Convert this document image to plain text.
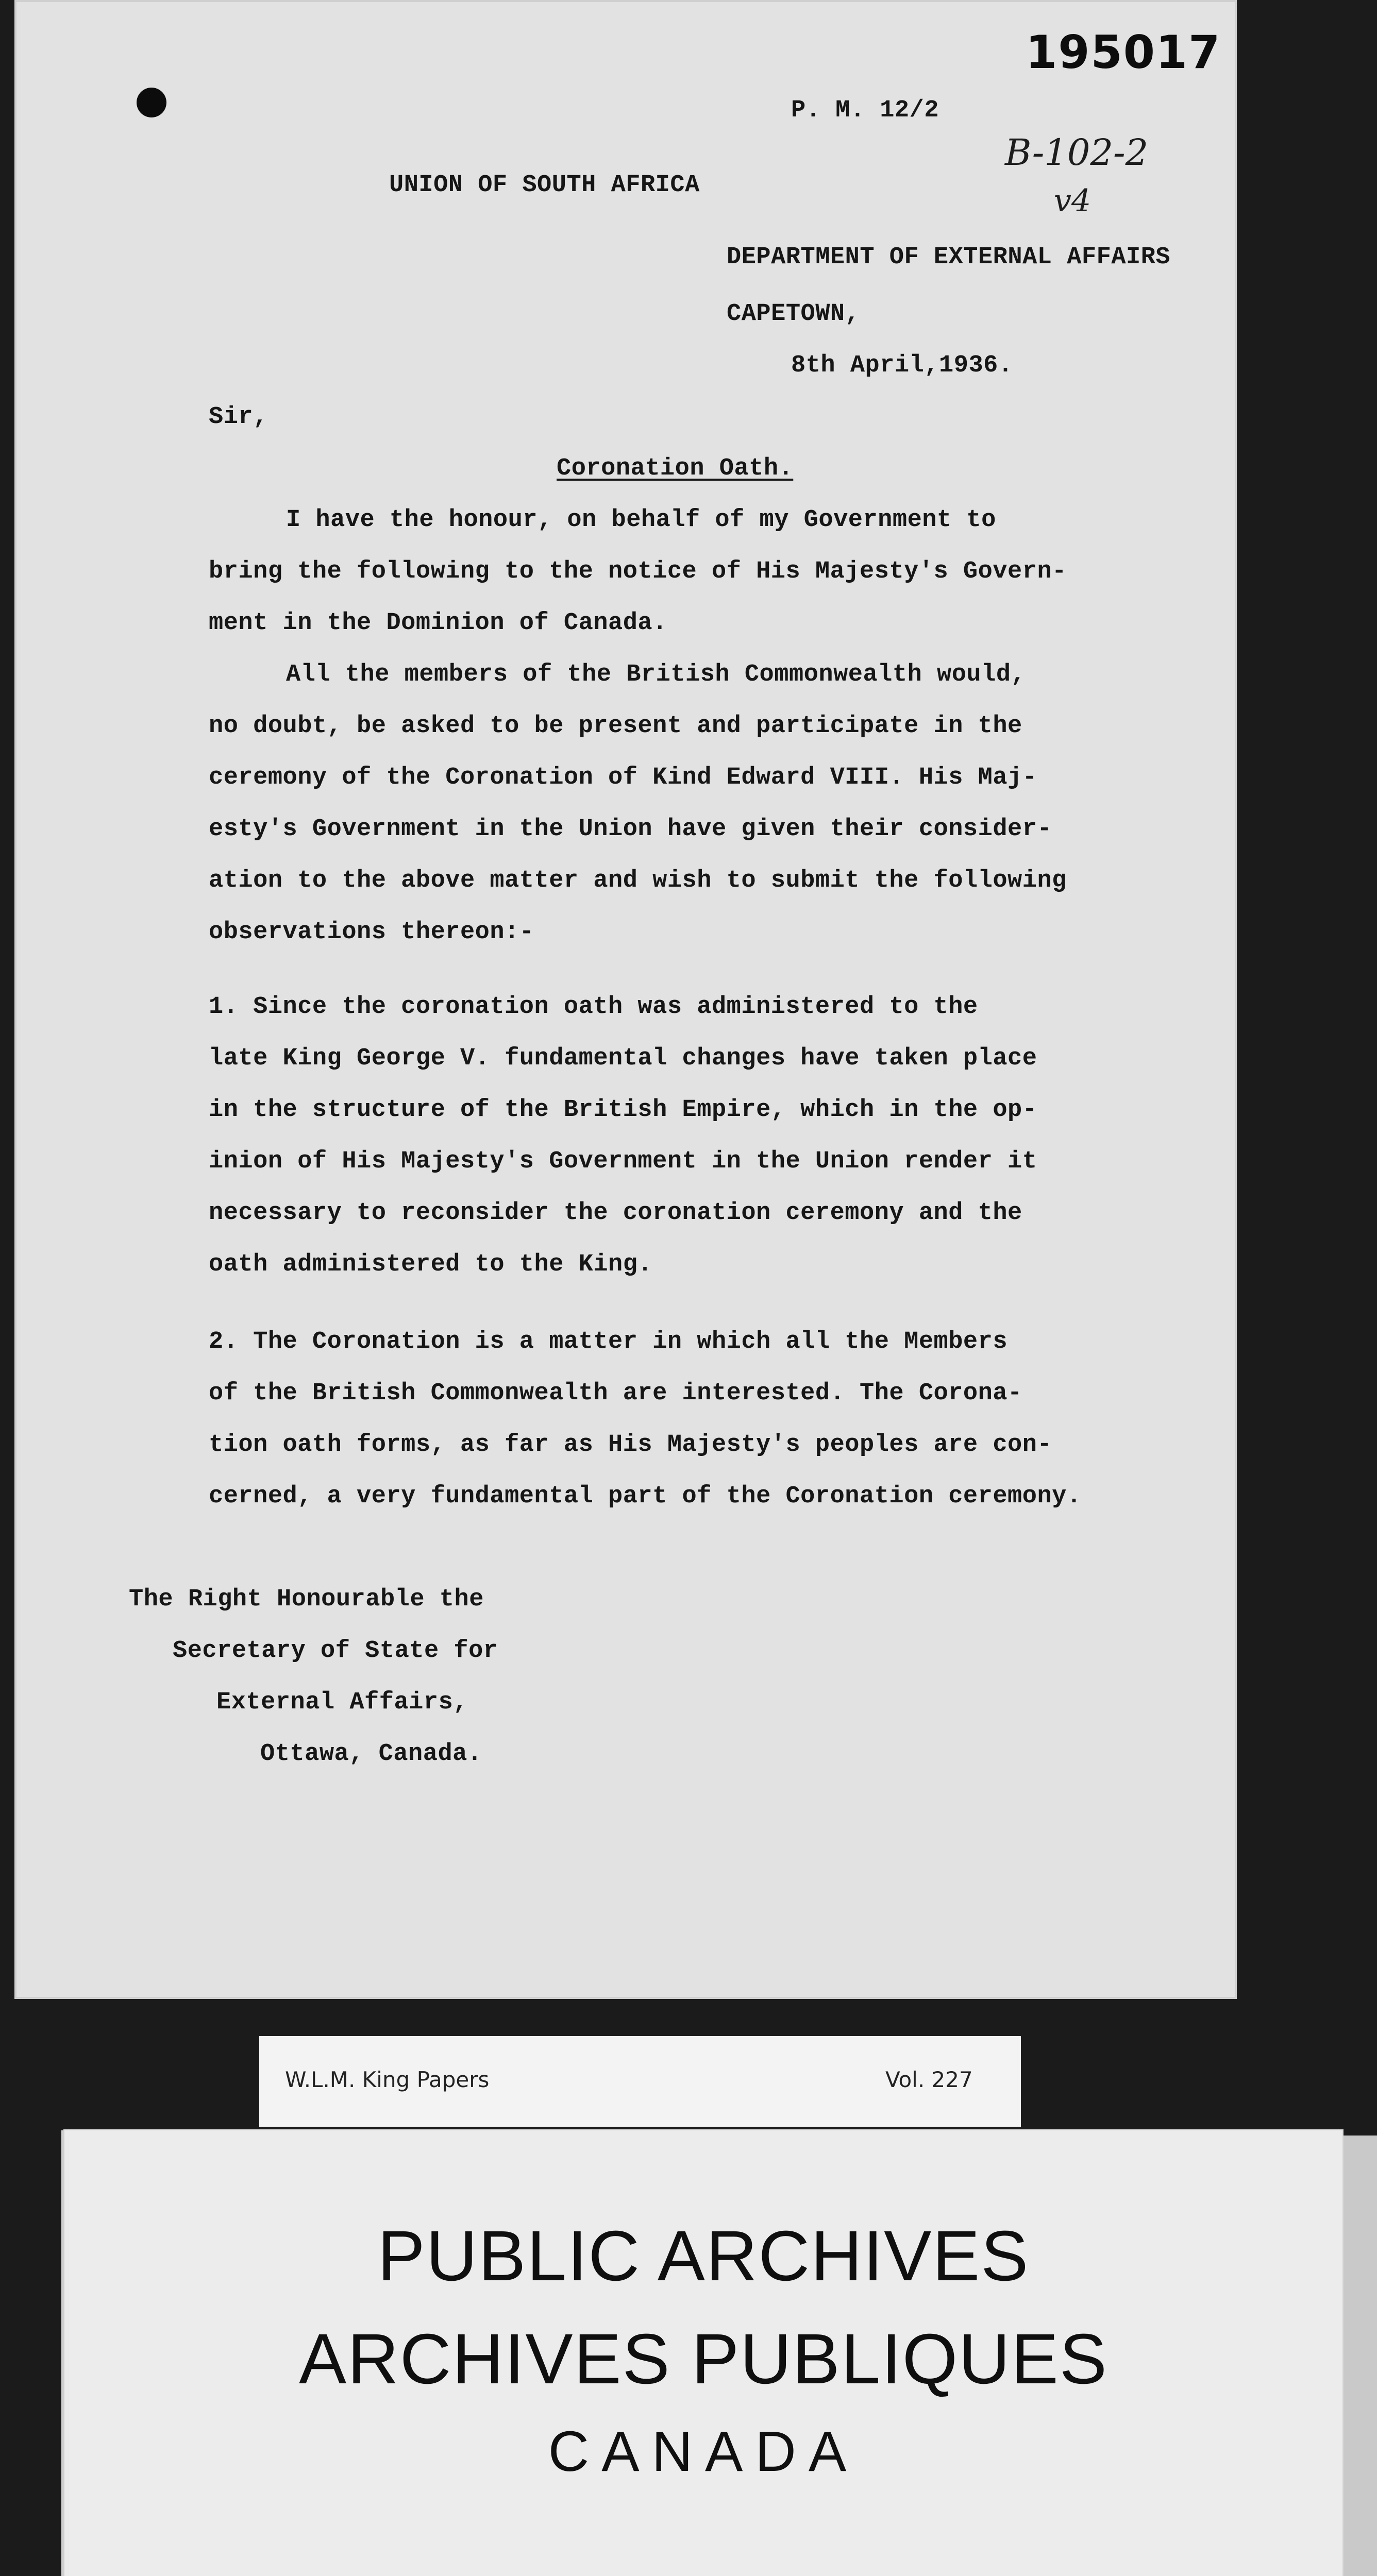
195017
P. M. 12/2
B-102-2
v4
UNION OF SOUTH AFRICA
DEPARTMENT OF EXTERNAL AFFAIRS
CAPETOWN,
8th April,1936.
Sir,
Coronation Oath.
I have the honour, on behalf of my Government to
bring the following to the notice of His Majesty's Govern-
ment in the Dominion of Canada.
All the members of the British Commonwealth would,
no doubt, be asked to be present and participate in the
ceremony of the Coronation of Kind Edward VIII. His Maj-
esty's Government in the Union have given their consider-
ation to the above matter and wish to submit the following
observations thereon:-
1. Since the coronation oath was administered to the
late King George V. fundamental changes have taken place
in the structure of the British Empire, which in the op-
inion of His Majesty's Government in the Union render it
necessary to reconsider the coronation ceremony and the
oath administered to the King.
2. The Coronation is a matter in which all the Members
of the British Commonwealth are interested. The Corona-
tion oath forms, as far as His Majesty's peoples are con-
cerned, a very fundamental part of the Coronation ceremony.
The Right Honourable the
Secretary of State for
External Affairs,
Ottawa, Canada.
W.L.M. King Papers	Vol. 227
PUBLIC ARCHIVES
ARCHIVES PUBLIQUES
CANADA
